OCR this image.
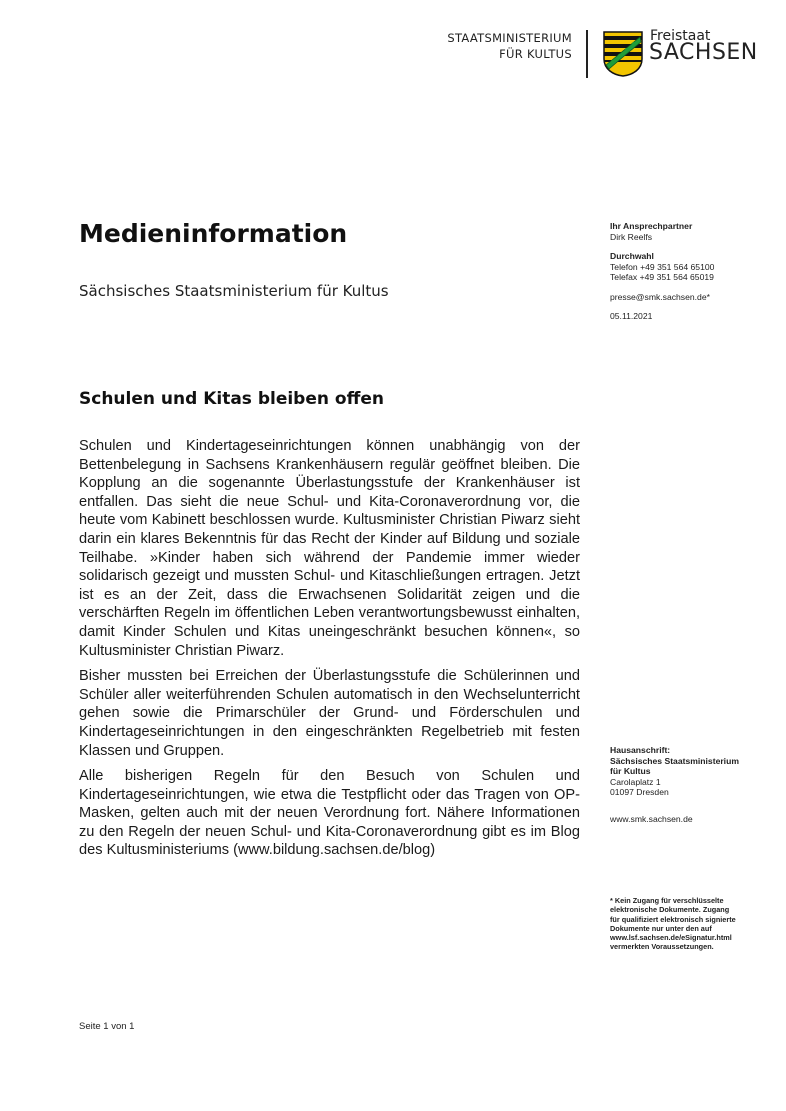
STAATSMINISTERIUM
FÜR KULTUS
Freistaat
SACHSEN
Medieninformation
Sächsisches Staatsministerium für Kultus
Schulen und Kitas bleiben offen

Schulen und Kindertageseinrichtungen können unabhängig von der Bettenbelegung in Sachsens Krankenhäusern regulär geöffnet bleiben. Die Kopplung an die sogenannte Überlastungsstufe der Krankenhäuser ist entfallen. Das sieht die neue Schul- und Kita-Coronaverordnung vor, die heute vom Kabinett beschlossen wurde. Kultusminister Christian Piwarz sieht darin ein klares Bekenntnis für das Recht der Kinder auf Bildung und soziale Teilhabe. »Kinder haben sich während der Pandemie immer wieder solidarisch gezeigt und mussten Schul- und Kitaschließungen ertragen. Jetzt ist es an der Zeit, dass die Erwachsenen Solidarität zeigen und die verschärften Regeln im öffentlichen Leben verantwortungsbewusst einhalten, damit Kinder Schulen und Kitas uneingeschränkt besuchen können«, so Kultusminister Christian Piwarz.

Bisher mussten bei Erreichen der Überlastungsstufe die Schülerinnen und Schüler aller weiterführenden Schulen automatisch in den Wechselunterricht gehen sowie die Primarschüler der Grund- und Förderschulen und Kindertageseinrichtungen in den eingeschränkten Regelbetrieb mit festen Klassen und Gruppen.

Alle bisherigen Regeln für den Besuch von Schulen und Kindertageseinrichtungen, wie etwa die Testpflicht oder das Tragen von OP-Masken, gelten auch mit der neuen Verordnung fort. Nähere Informationen zu den Regeln der neuen Schul- und Kita-Coronaverordnung gibt es im Blog des Kultusministeriums (www.bildung.sachsen.de/blog)

Ihr Ansprechpartner
Dirk Reelfs
Durchwahl
Telefon +49 351 564 65100
Telefax +49 351 564 65019
presse@smk.sachsen.de*
05.11.2021
Hausanschrift:
Sächsisches Staatsministerium
für Kultus
Carolaplatz 1
01097 Dresden
www.smk.sachsen.de
* Kein Zugang für verschlüsselte
elektronische Dokumente. Zugang
für qualifiziert elektronisch signierte
Dokumente nur unter den auf
www.lsf.sachsen.de/eSignatur.html
vermerkten Voraussetzungen.
Seite 1 von 1
